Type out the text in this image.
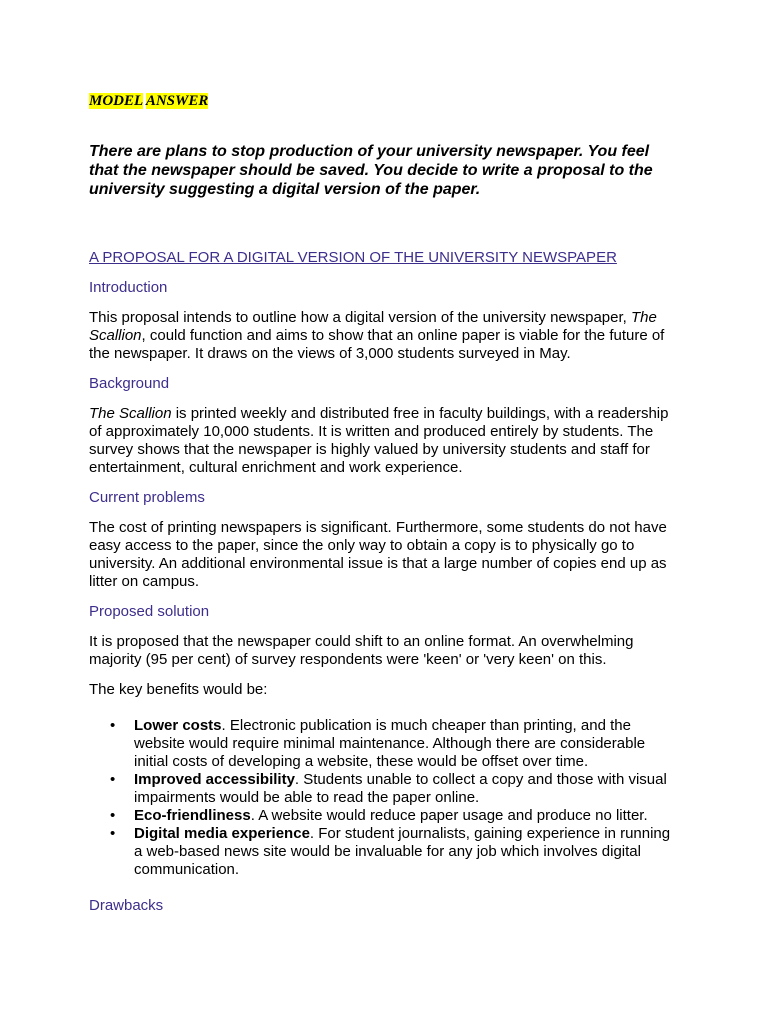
MODEL ANSWER

There are plans to stop production of your university newspaper. You feel that the newspaper should be saved. You decide to write a proposal to the university suggesting a digital version of the paper.

A PROPOSAL FOR A DIGITAL VERSION OF THE UNIVERSITY NEWSPAPER

Introduction

This proposal intends to outline how a digital version of the university newspaper, The Scallion, could function and aims to show that an online paper is viable for the future of the newspaper. It draws on the views of 3,000 students surveyed in May.

Background

The Scallion is printed weekly and distributed free in faculty buildings, with a readership of approximately 10,000 students. It is written and produced entirely by students. The survey shows that the newspaper is highly valued by university students and staff for entertainment, cultural enrichment and work experience.

Current problems

The cost of printing newspapers is significant. Furthermore, some students do not have easy access to the paper, since the only way to obtain a copy is to physically go to university. An additional environmental issue is that a large number of copies end up as litter on campus.

Proposed solution

It is proposed that the newspaper could shift to an online format. An overwhelming majority (95 per cent) of survey respondents were 'keen' or 'very keen' on this.

The key benefits would be:

• Lower costs. Electronic publication is much cheaper than printing, and the website would require minimal maintenance. Although there are considerable initial costs of developing a website, these would be offset over time.
• Improved accessibility. Students unable to collect a copy and those with visual impairments would be able to read the paper online.
• Eco-friendliness. A website would reduce paper usage and produce no litter.
• Digital media experience. For student journalists, gaining experience in running a web-based news site would be invaluable for any job which involves digital communication.

Drawbacks
